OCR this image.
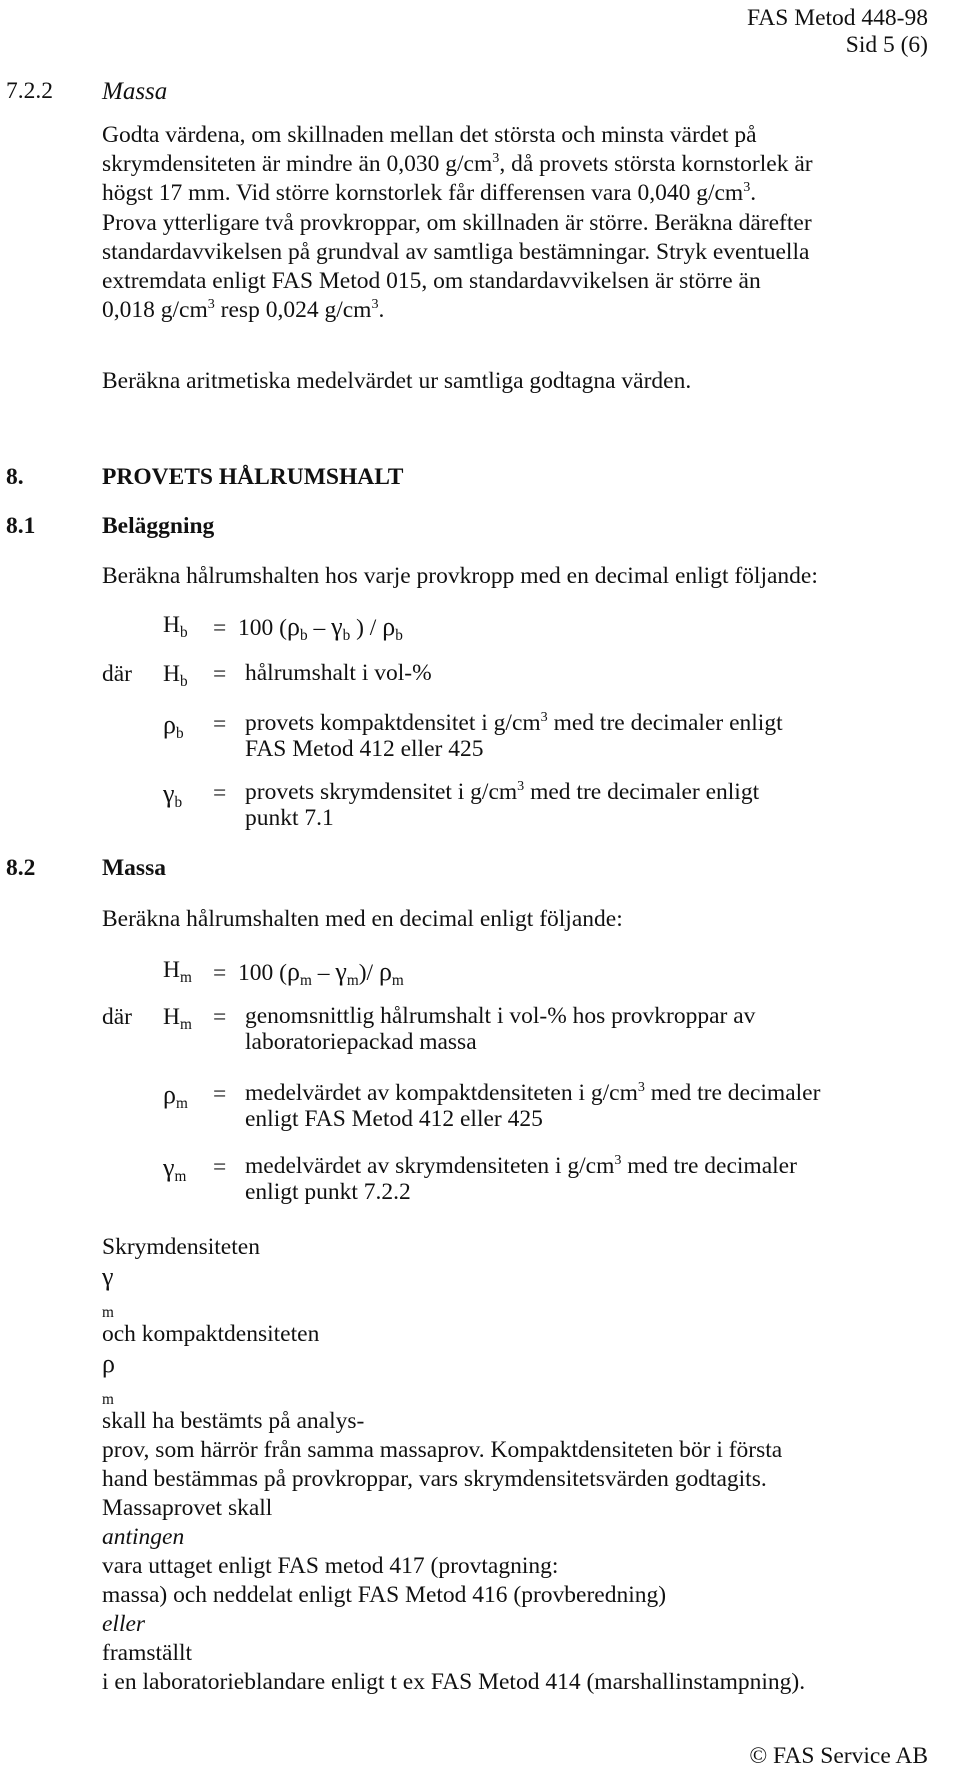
FAS Metod 448-98
Sid 5 (6)
7.2.2 Massa
Godta värdena, om skillnaden mellan det största och minsta värdet på
skrymdensiteten är mindre än 0,030 $g/cm^3$, då provets största kornstorlek är
högst 17 mm. Vid större kornstorlek får differensen vara 0,040 $g/cm^3$.
Prova ytterligare två provkroppar, om skillnaden är större. Beräkna därefter
standardavvikelsen på grundval av samtliga bestämningar. Stryk eventuella
extremdata enligt FAS Metod 015, om standardavvikelsen är större än
0,018 $g/cm^3$ resp 0,024 $g/cm^3$.
Beräkna aritmetiska medelvärdet ur samtliga godtagna värden.
8.	PROVETS HÅLRUMSHALT
8.1	Beläggning
Beräkna hålrumshalten hos varje provkropp med en decimal enligt följande:
$H_b = 100$ ($\rho_b - \gamma_b$ ) / $\rho_b$
där $H_b$ = hålrumshalt i vol-%
$\rho_b$ = provets kompaktdensitet i $g/cm^3$ med tre decimaler enligt
FAS Metod 412 eller 425
$\gamma_b$ = provets skrymdensitet i $g/cm^3$ med tre decimaler enligt
punkt 7.1
8.2	Massa
Beräkna hålrumshalten med en decimal enligt följande:
$H_m = 100$ $(\rho_m - \gamma_m)/$ $\rho_m$
där $H_m$ = genomsnittlig hålrumshalt i vol-% hos provkroppar av
laboratoriepackad massa
$\rho_m$ = medelvärdet av kompaktdensiteten i $g/cm^3$ med tre decimaler
enligt FAS Metod 412 eller 425
$\gamma_m$ = medelvärdet av skrymdensiteten i $g/cm^3$ med tre decimaler
enligt punkt 7.2.2
Skrymdensiteten
γ
$_m$
och kompaktdensiteten
ρ
$_m$
skall ha bestämts på analys-
prov, som härrör från samma massaprov. Kompaktdensiteten bör i första
hand bestämmas på provkroppar, vars skrymdensitetsvärden godtagits.
Massaprovet skall
antingen
vara uttaget enligt FAS metod 417 (provtagning:
massa) och neddelat enligt FAS Metod 416 (provberedning)
eller
framställt
i en laboratorieblandare enligt t ex FAS Metod 414 (marshallinstampning).
© FAS Service AB
